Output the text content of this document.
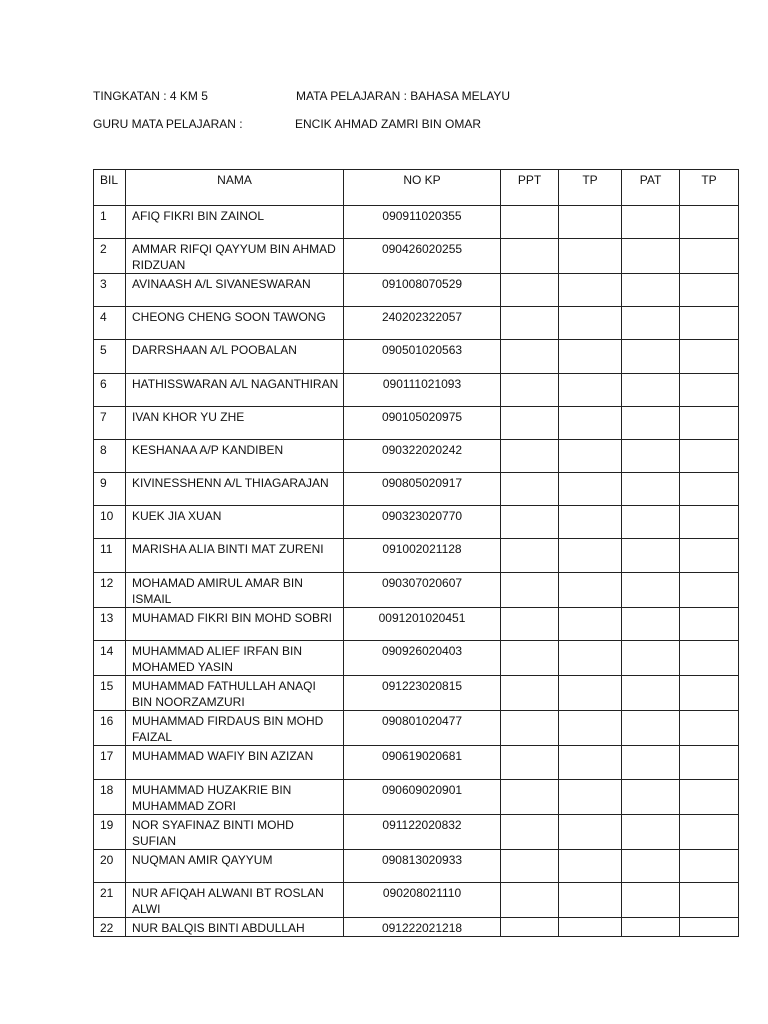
TINGKATAN : 4 KM 5	MATA PELAJARAN : BAHASA MELAYU
GURU MATA PELAJARAN :	ENCIK AHMAD ZAMRI BIN OMAR
BIL	NAMA	NO KP	PPT	TP	PAT	TP
1	AFIQ FIKRI BIN ZAINOL	090911020355				
2	AMMAR RIFQI QAYYUM BIN AHMAD RIDZUAN	090426020255				
3	AVINAASH A/L SIVANESWARAN	091008070529				
4	CHEONG CHENG SOON TAWONG	240202322057				
5	DARRSHAAN A/L POOBALAN	090501020563				
6	HATHISSWARAN A/L NAGANTHIRAN	090111021093				
7	IVAN KHOR YU ZHE	090105020975				
8	KESHANAA A/P KANDIBEN	090322020242				
9	KIVINESSHENN A/L THIAGARAJAN	090805020917				
10	KUEK JIA XUAN	090323020770				
11	MARISHA ALIA BINTI MAT ZURENI	091002021128				
12	MOHAMAD AMIRUL AMAR BIN ISMAIL	090307020607				
13	MUHAMAD FIKRI BIN MOHD SOBRI	0091201020451				
14	MUHAMMAD ALIEF IRFAN BIN MOHAMED YASIN	090926020403				
15	MUHAMMAD FATHULLAH ANAQI BIN NOORZAMZURI	091223020815				
16	MUHAMMAD FIRDAUS BIN MOHD FAIZAL	090801020477				
17	MUHAMMAD WAFIY BIN AZIZAN	090619020681				
18	MUHAMMAD HUZAKRIE BIN MUHAMMAD ZORI	090609020901				
19	NOR SYAFINAZ BINTI MOHD SUFIAN	091122020832				
20	NUQMAN AMIR QAYYUM	090813020933				
21	NUR AFIQAH ALWANI BT ROSLAN ALWI	090208021110				
22	NUR BALQIS BINTI ABDULLAH	091222021218				
